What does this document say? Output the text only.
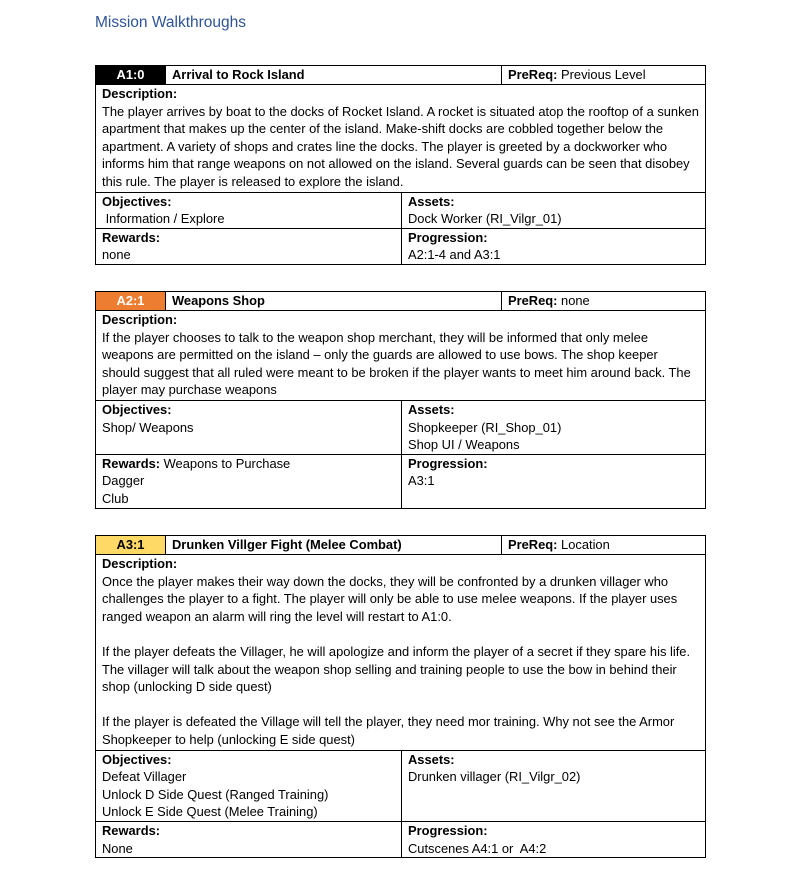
Mission Walkthroughs
A1:0	Arrival to Rock Island	PreReq: Previous Level
Description:

The player arrives by boat to the docks of Rocket Island. A rocket is situated atop the rooftop of a sunken apartment that makes up the center of the island. Make-shift docks are cobbled together below the apartment. A variety of shops and crates line the docks. The player is greeted by a dockworker who informs him that range weapons on not allowed on the island. Several guards can be seen that disobey this rule. The player is released to explore the island.

Objectives:
Information / Explore
Assets:
Dock Worker (RI_Vilgr_01)
Rewards:
none
Progression:
A2:1-4 and A3:1
A2:1	Weapons Shop	PreReq: none
Description:

If the player chooses to talk to the weapon shop merchant, they will be informed that only melee weapons are permitted on the island – only the guards are allowed to use bows. The shop keeper should suggest that all ruled were meant to be broken if the player wants to meet him around back. The player may purchase weapons

Objectives:
Shop/ Weapons
Assets:
Shopkeeper (RI_Shop_01)
Shop UI / Weapons
Rewards: Weapons to Purchase
Dagger
Club
Progression:
A3:1
A3:1	Drunken Villger Fight (Melee Combat)	PreReq: Location
Description:

Once the player makes their way down the docks, they will be confronted by a drunken villager who challenges the player to a fight. The player will only be able to use melee weapons. If the player uses ranged weapon an alarm will ring the level will restart to A1:0.

If the player defeats the Villager, he will apologize and inform the player of a secret if they spare his life. The villager will talk about the weapon shop selling and training people to use the bow in behind their shop (unlocking D side quest)

If the player is defeated the Village will tell the player, they need mor training. Why not see the Armor Shopkeeper to help (unlocking E side quest)

Objectives:
Defeat Villager
Unlock D Side Quest (Ranged Training)
Unlock E Side Quest (Melee Training)
Assets:
Drunken villager (RI_Vilgr_02)
Rewards:
None
Progression:
Cutscenes A4:1 or  A4:2
